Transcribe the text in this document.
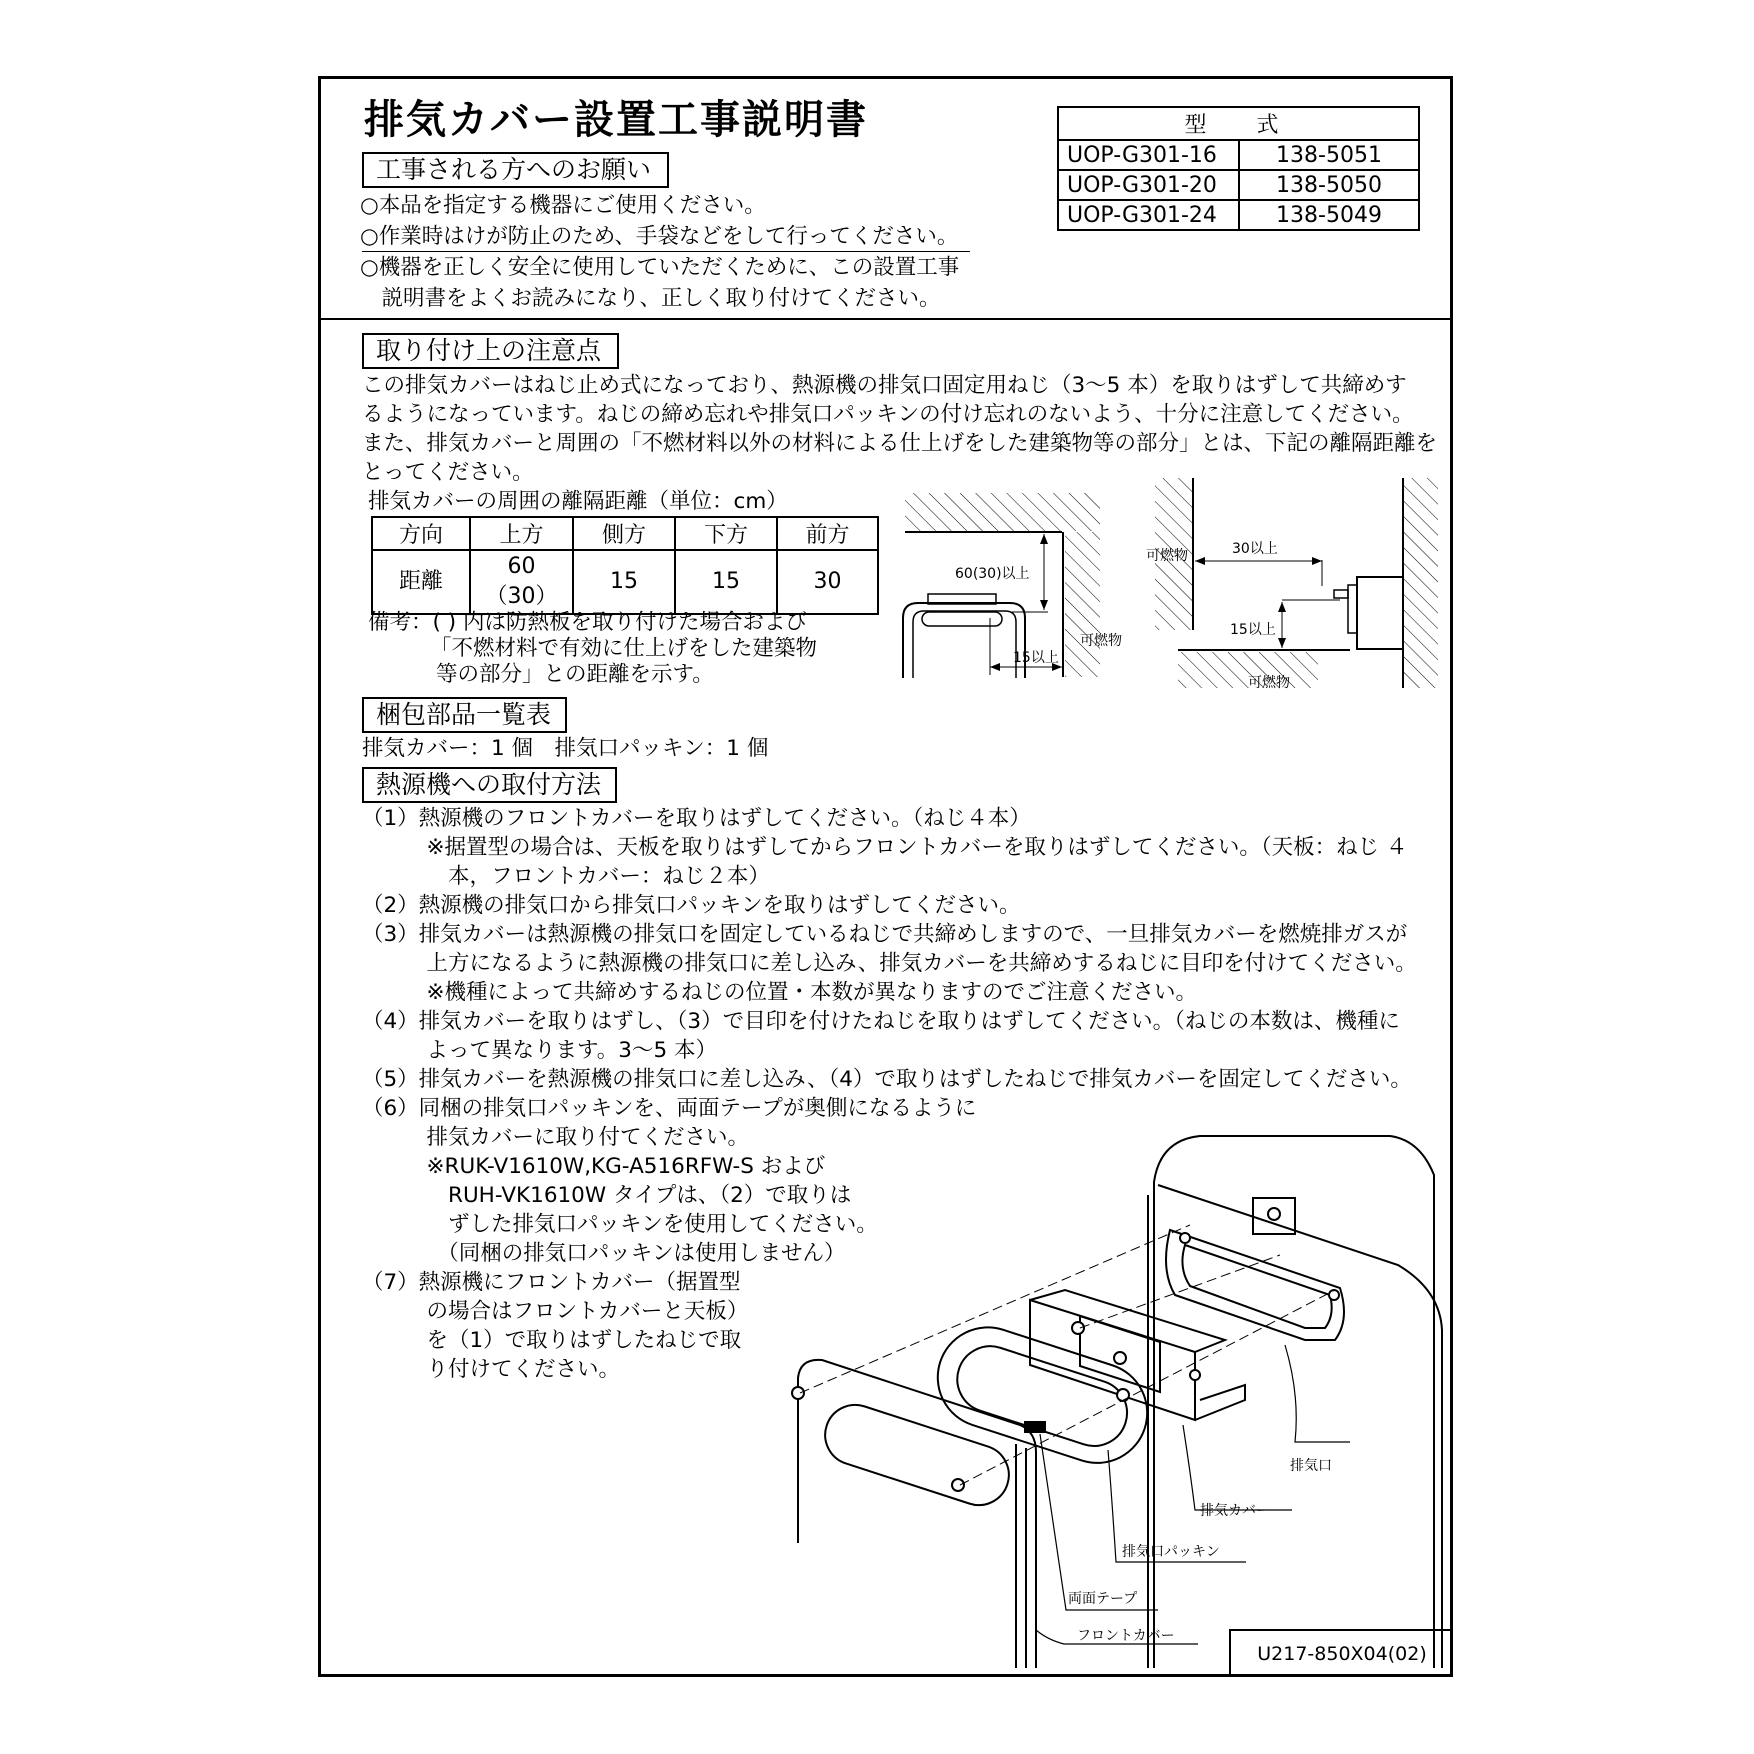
排気カバー設置工事説明書	型　式	
UOP-G301-16	138-5051
UOP-G301-20	138-5050
UOP-G301-24	138-5049
工事される方へのお願い
○本品を指定する機器にご使用ください。
○作業時はけが防止のため、手袋などをして行ってください。
○機器を正しく安全に使用していただくために、この設置工事
　説明書をよくお読みになり、正しく取り付けてください。
取り付け上の注意点
この排気カバーはねじ止め式になっており、熱源機の排気口固定用ねじ（3～5 本）を取りはずして共締めす
るようになっています。ねじの締め忘れや排気口パッキンの付け忘れのないよう、十分に注意してください。
また、排気カバーと周囲の「不燃材料以外の材料による仕上げをした建築物等の部分」とは、下記の離隔距離を
とってください。
排気カバーの周囲の離隔距離（単位：cm）
方向	上方	側方	下方	前方
距離	60
（30）	15	15	30
備考：( ) 内は防熱板を取り付けた場合および
「不燃材料で有効に仕上げをした建築物
等の部分」との距離を示す。
60(30)以上
15以上
可燃物
可燃物	30以上
15以上
可燃物
梱包部品一覧表
排気カバー：1 個　排気口パッキン：1 個
熱源機への取付方法
（1）熱源機のフロントカバーを取りはずしてください。（ねじ４本）
　　　※据置型の場合は、天板を取りはずしてからフロントカバーを取りはずしてください。（天板：ねじ ４
　　　　本，フロントカバー：ねじ２本）
（2）熱源機の排気口から排気口パッキンを取りはずしてください。
（3）排気カバーは熱源機の排気口を固定しているねじで共締めしますので、一旦排気カバーを燃焼排ガスが
　　　上方になるように熱源機の排気口に差し込み、排気カバーを共締めするねじに目印を付けてください。
　　　※機種によって共締めするねじの位置・本数が異なりますのでご注意ください。
（4）排気カバーを取りはずし、（3）で目印を付けたねじを取りはずしてください。（ねじの本数は、機種に
　　　よって異なります。3～5 本）
（5）排気カバーを熱源機の排気口に差し込み、（4）で取りはずしたねじで排気カバーを固定してください。
（6）同梱の排気口パッキンを、両面テープが奥側になるように
　　　排気カバーに取り付てください。
　　　※RUK-V1610W,KG-A516RFW-S および
　　　　RUH-VK1610W タイプは、（2）で取りは
　　　　ずした排気口パッキンを使用してください。
　　　　（同梱の排気口パッキンは使用しません）
（7）熱源機にフロントカバー（据置型
　　　の場合はフロントカバーと天板）
　　　を（1）で取りはずしたねじで取
　　　り付けてください。
排気口
排気カバー
排気口パッキン
両面テープ
フロントカバー
U217-850X04(02)
